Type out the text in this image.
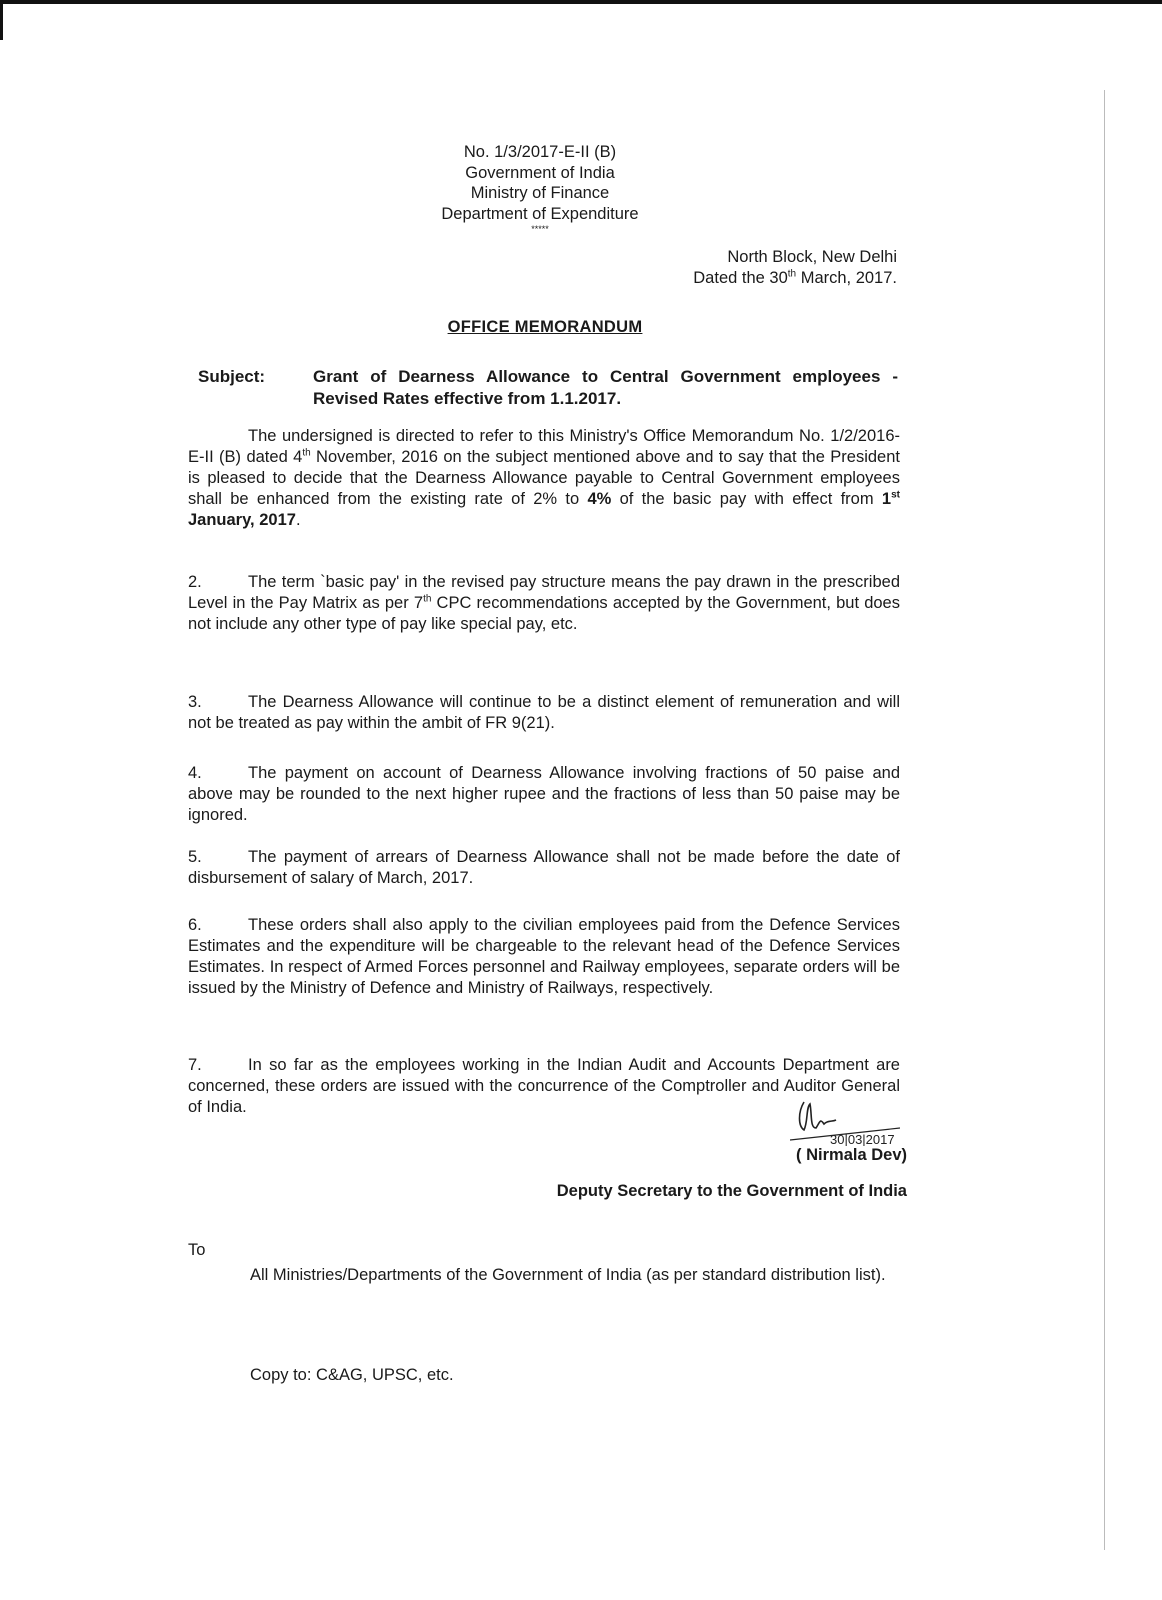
No. 1/3/2017-E-II (B)
Government of India
Ministry of Finance
Department of Expenditure
*****
North Block, New Delhi
Dated the 30th March, 2017.
OFFICE MEMORANDUM
Subject:	Grant of Dearness Allowance to Central Government employees - Revised Rates effective from 1.1.2017.
The undersigned is directed to refer to this Ministry's Office Memorandum No. 1/2/2016-E-II (B) dated 4th November, 2016 on the subject mentioned above and to say that the President is pleased to decide that the Dearness Allowance payable to Central Government employees shall be enhanced from the existing rate of 2% to 4% of the basic pay with effect from 1st January, 2017.
2.	The term `basic pay' in the revised pay structure means the pay drawn in the prescribed Level in the Pay Matrix as per 7th CPC recommendations accepted by the Government, but does not include any other type of pay like special pay, etc.
3.	The Dearness Allowance will continue to be a distinct element of remuneration and will not be treated as pay within the ambit of FR 9(21).
4.	The payment on account of Dearness Allowance involving fractions of 50 paise and above may be rounded to the next higher rupee and the fractions of less than 50 paise may be ignored.
5.	The payment of arrears of Dearness Allowance shall not be made before the date of disbursement of salary of March, 2017.
6.	These orders shall also apply to the civilian employees paid from the Defence Services Estimates and the expenditure will be chargeable to the relevant head of the Defence Services Estimates. In respect of Armed Forces personnel and Railway employees, separate orders will be issued by the Ministry of Defence and Ministry of Railways, respectively.
7.	In so far as the employees working in the Indian Audit and Accounts Department are concerned, these orders are issued with the concurrence of the Comptroller and Auditor General of India.
30|03|2017
( Nirmala Dev)
Deputy Secretary to the Government of India
To
All Ministries/Departments of the Government of India (as per standard distribution list).
Copy to: C&AG, UPSC, etc.
